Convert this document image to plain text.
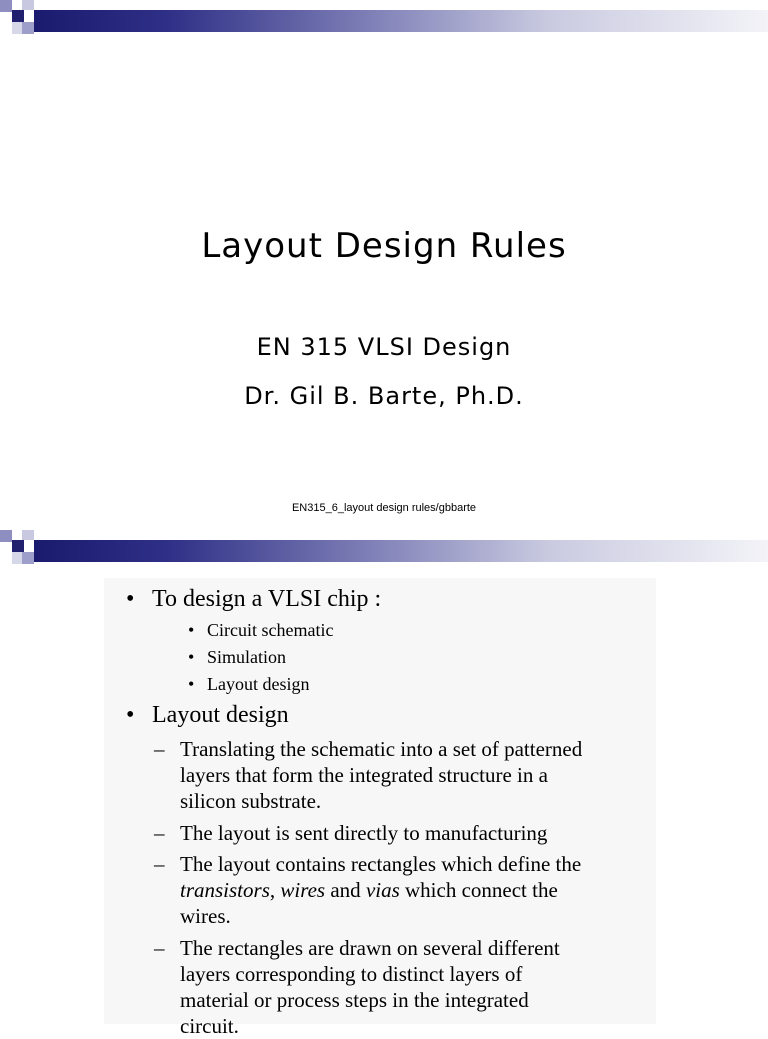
Layout Design Rules
EN 315 VLSI Design
Dr. Gil B. Barte, Ph.D.
EN315_6_layout design rules/gbbarte
• To design a VLSI chip :
• Circuit schematic
• Simulation
• Layout design
• Layout design
– Translating the schematic into a set of patterned
layers that form the integrated structure in a
silicon substrate.
– The layout is sent directly to manufacturing
– The layout contains rectangles which define the
transistors, wires and vias which connect the
wires.
– The rectangles are drawn on several different
layers corresponding to distinct layers of
material or process steps in the integrated
circuit.
